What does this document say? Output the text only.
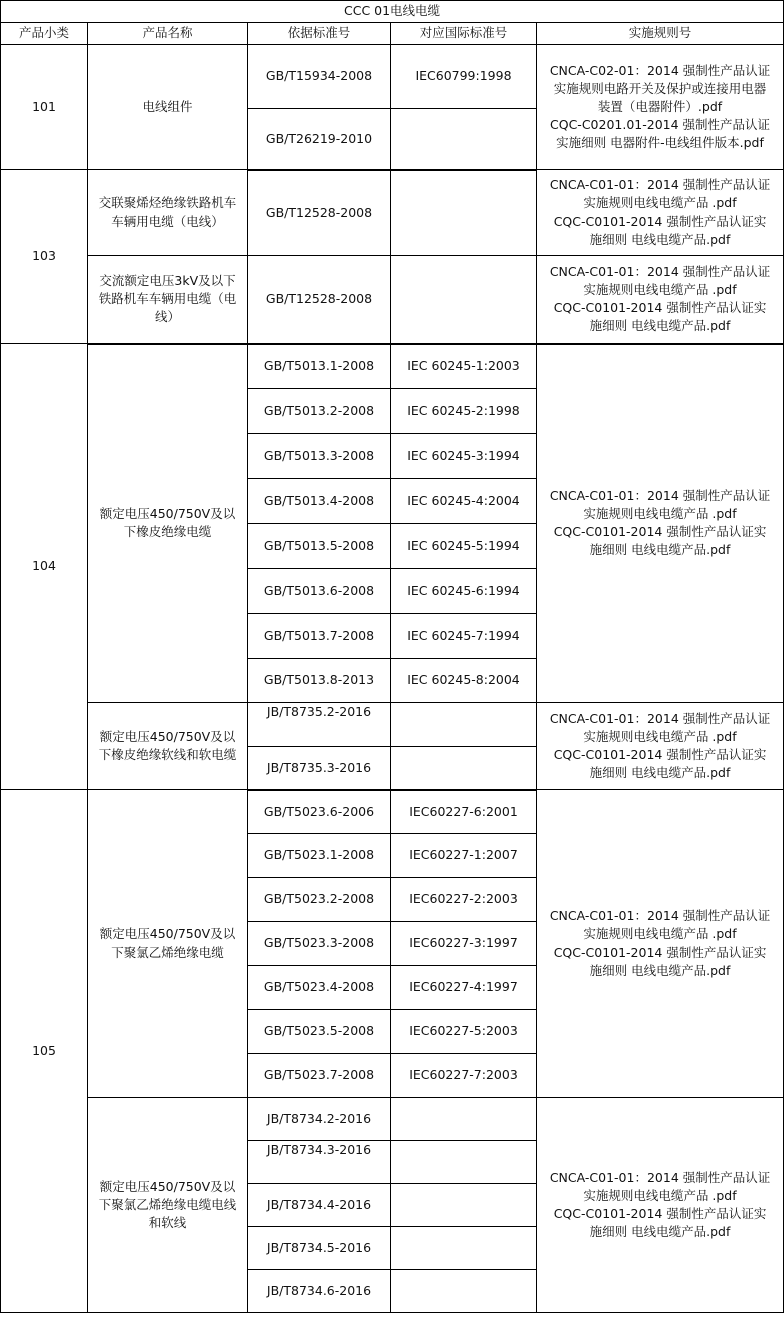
CCC 01电线电缆				
产品小类	产品名称	依据标准号	对应国际标准号	实施规则号
101	电线组件	GB/T15934-2008	IEC60799:1998	CNCA-C02-01：2014 强制性产品认证
实施规则电路开关及保护或连接用电器
装置（电器附件）.pdf
CQC-C0201.01-2014 强制性产品认证
实施细则 电器附件-电线组件版本.pdf

		GB/T26219-2010		
103	交联聚烯烃绝缘铁路机车
车辆用电缆（电线）	GB/T12528-2008		CNCA-C01-01：2014 强制性产品认证
实施规则电线电缆产品 .pdf
CQC-C0101-2014 强制性产品认证实
施细则 电线电缆产品.pdf

	交流额定电压3kV及以下
铁路机车车辆用电缆（电
线）	GB/T12528-2008		CNCA-C01-01：2014 强制性产品认证
实施规则电线电缆产品 .pdf
CQC-C0101-2014 强制性产品认证实
施细则 电线电缆产品.pdf

104	额定电压450/750V及以
下橡皮绝缘电缆	GB/T5013.1-2008	IEC 60245-1:2003	CNCA-C01-01：2014 强制性产品认证
实施规则电线电缆产品 .pdf
CQC-C0101-2014 强制性产品认证实
施细则 电线电缆产品.pdf

		GB/T5013.2-2008	IEC 60245-2:1998	
		GB/T5013.3-2008	IEC 60245-3:1994	
		GB/T5013.4-2008	IEC 60245-4:2004	
		GB/T5013.5-2008	IEC 60245-5:1994	
		GB/T5013.6-2008	IEC 60245-6:1994	
		GB/T5013.7-2008	IEC 60245-7:1994	
		GB/T5013.8-2013	IEC 60245-8:2004	

	额定电压450/750V及以
下橡皮绝缘软线和软电缆	JB/T8735.2-2016		CNCA-C01-01：2014 强制性产品认证
实施规则电线电缆产品 .pdf
CQC-C0101-2014 强制性产品认证实
施细则 电线电缆产品.pdf

		JB/T8735.3-2016		
105	额定电压450/750V及以
下聚氯乙烯绝缘电缆	GB/T5023.6-2006	IEC60227-6:2001	CNCA-C01-01：2014 强制性产品认证
实施规则电线电缆产品 .pdf
CQC-C0101-2014 强制性产品认证实
施细则 电线电缆产品.pdf

		GB/T5023.1-2008	IEC60227-1:2007	
		GB/T5023.2-2008	IEC60227-2:2003	
		GB/T5023.3-2008	IEC60227-3:1997	
		GB/T5023.4-2008	IEC60227-4:1997	
		GB/T5023.5-2008	IEC60227-5:2003	
		GB/T5023.7-2008	IEC60227-7:2003	

	额定电压450/750V及以
下聚氯乙烯绝缘电缆电线
和软线	JB/T8734.2-2016		CNCA-C01-01：2014 强制性产品认证
实施规则电线电缆产品 .pdf
CQC-C0101-2014 强制性产品认证实
施细则 电线电缆产品.pdf

		JB/T8734.3-2016		
		JB/T8734.4-2016		
		JB/T8734.5-2016		
		JB/T8734.6-2016		
